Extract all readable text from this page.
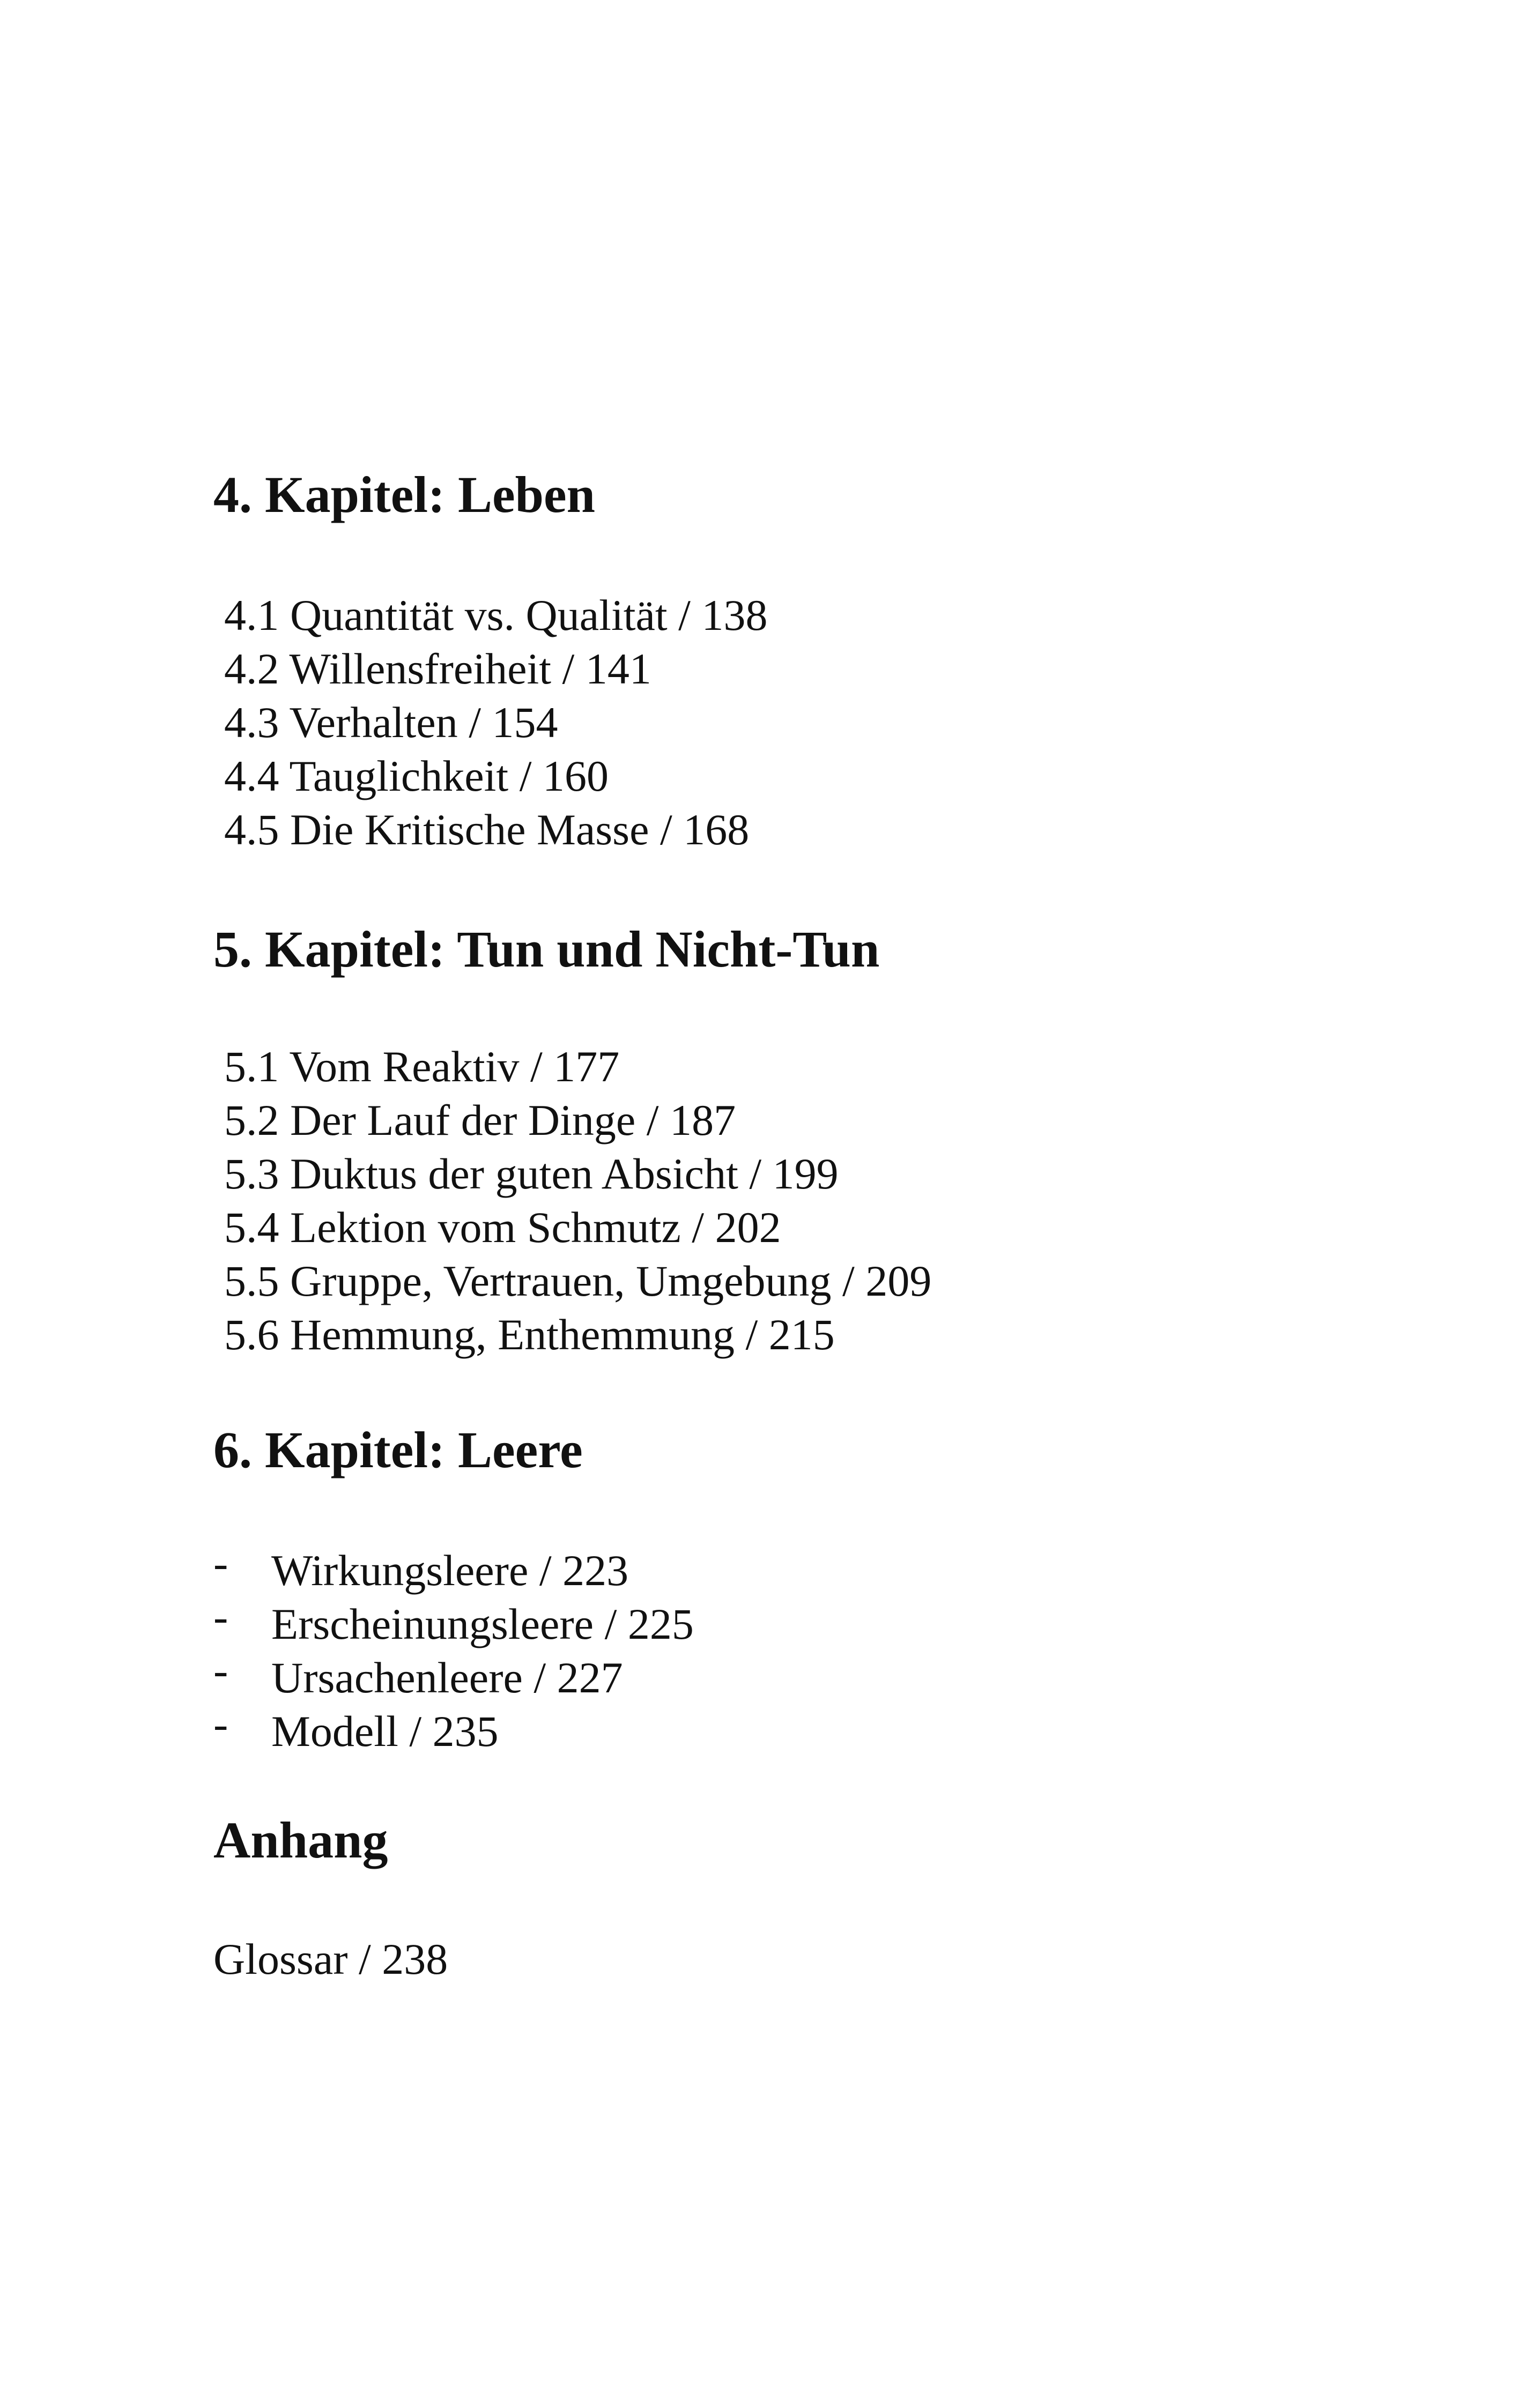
4. Kapitel: Leben
4.1 Quantität vs. Qualität / 138
4.2 Willensfreiheit / 141
4.3 Verhalten / 154
4.4 Tauglichkeit / 160
4.5 Die Kritische Masse / 168
5. Kapitel: Tun und Nicht-Tun
5.1 Vom Reaktiv / 177
5.2 Der Lauf der Dinge / 187
5.3 Duktus der guten Absicht / 199
5.4 Lektion vom Schmutz / 202
5.5 Gruppe, Vertrauen, Umgebung / 209
5.6 Hemmung, Enthemmung / 215
6. Kapitel: Leere
- Wirkungsleere / 223
- Erscheinungsleere / 225
- Ursachenleere / 227
- Modell / 235
Anhang

Glossar / 238
